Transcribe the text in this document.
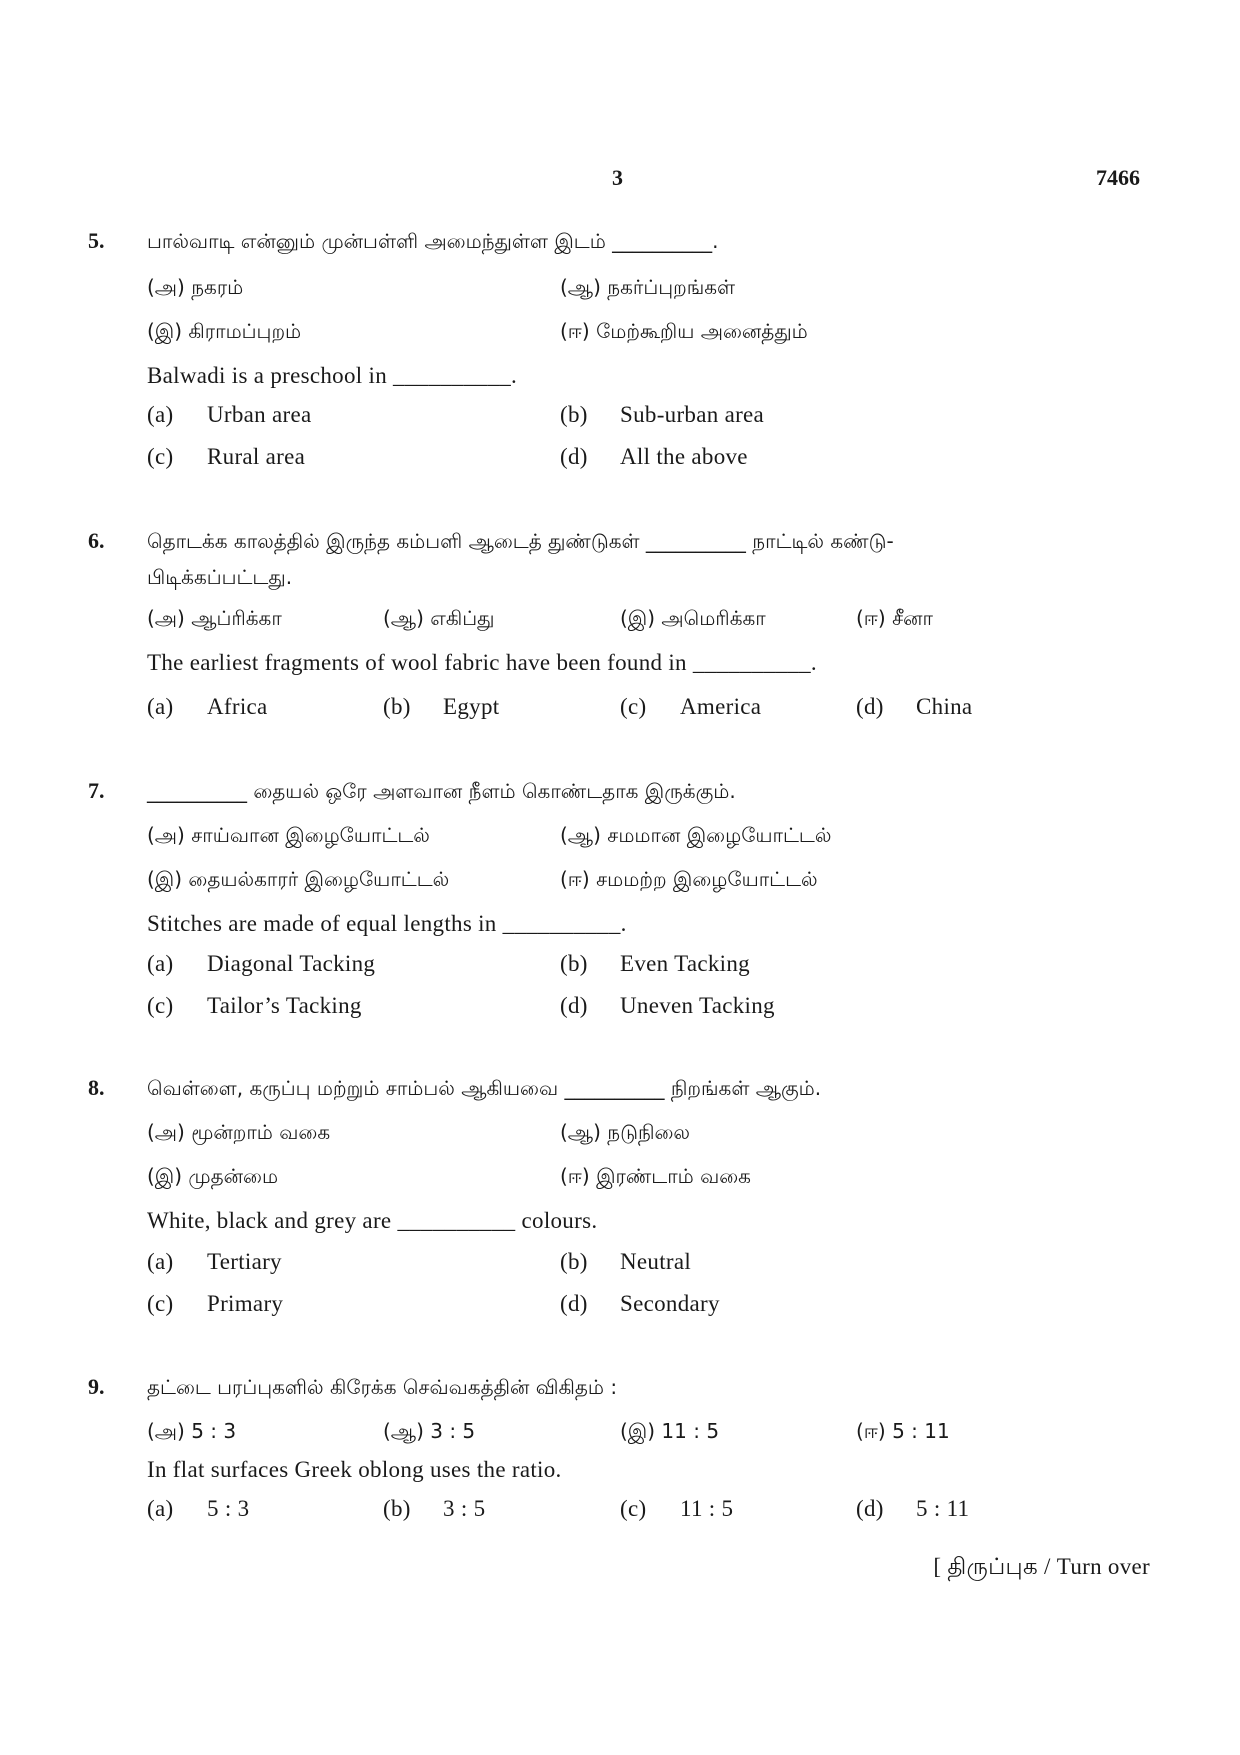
3	7466
5. பால்வாடி என்னும் முன்பள்ளி அமைந்துள்ள இடம் __________.
(அ) நகரம்	(ஆ) நகர்ப்புறங்கள்
(இ) கிராமப்புறம்	(ஈ) மேற்கூறிய அனைத்தும்
Balwadi is a preschool in __________.
(a) Urban area	(b) Sub-urban area
(c) Rural area	(d) All the above
6. தொடக்க காலத்தில் இருந்த கம்பளி ஆடைத் துண்டுகள் __________ நாட்டில் கண்டு-
பிடிக்கப்பட்டது.
(அ) ஆப்ரிக்கா	(ஆ) எகிப்து	(இ) அமெரிக்கா	(ஈ) சீனா
The earliest fragments of wool fabric have been found in __________.
(a) Africa	(b) Egypt	(c) America	(d) China
7. __________ தையல் ஒரே அளவான நீளம் கொண்டதாக இருக்கும்.
(அ) சாய்வான இழையோட்டல்	(ஆ) சமமான இழையோட்டல்
(இ) தையல்காரர் இழையோட்டல்	(ஈ) சமமற்ற இழையோட்டல்
Stitches are made of equal lengths in __________.
(a) Diagonal Tacking	(b) Even Tacking
(c) Tailor’s Tacking	(d) Uneven Tacking
8. வெள்ளை, கருப்பு மற்றும் சாம்பல் ஆகியவை __________ நிறங்கள் ஆகும்.
(அ) மூன்றாம் வகை	(ஆ) நடுநிலை
(இ) முதன்மை	(ஈ) இரண்டாம் வகை
White, black and grey are __________ colours.
(a) Tertiary	(b) Neutral
(c) Primary	(d) Secondary
9. தட்டை பரப்புகளில் கிரேக்க செவ்வகத்தின் விகிதம் :
(அ) 5 : 3	(ஆ) 3 : 5	(இ) 11 : 5	(ஈ) 5 : 11
In flat surfaces Greek oblong uses the ratio.
(a) 5 : 3	(b) 3 : 5	(c) 11 : 5	(d) 5 : 11
[ திருப்புக / Turn over
